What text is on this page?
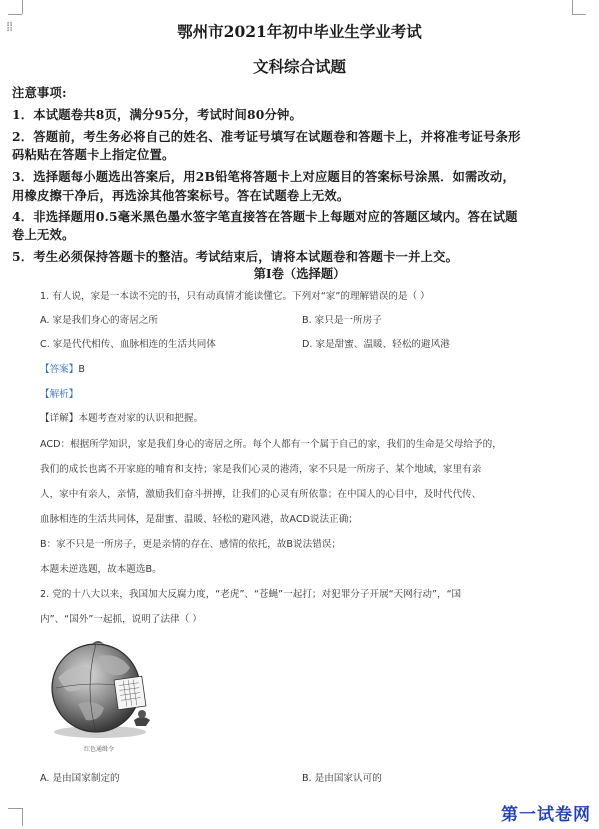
⁞⁞	鄂州市2021年初中毕业生学业考试
文科综合试题
注意事项:
1．本试题卷共8页，满分95分，考试时间80分钟。
2．答题前，考生务必将自己的姓名、准考证号填写在试题卷和答题卡上，并将准考证号条形
码粘贴在答题卡上指定位置。
3．选择题每小题选出答案后，用2B铅笔将答题卡上对应题目的答案标号涂黑．如需改动，
用橡皮擦干净后，再选涂其他答案标号。答在试题卷上无效。
4．非选择题用0.5毫米黑色墨水签字笔直接答在答题卡上每题对应的答题区域内。答在试题
卷上无效。
5．考生必须保持答题卡的整洁。考试结束后，请将本试题卷和答题卡一并上交。
第Ⅰ卷（选择题）
1. 有人说，家是一本读不完的书，只有动真情才能读懂它。下列对“家”的理解错误的是（ ）
A. 家是我们身心的寄居之所	B. 家只是一所房子
C. 家是代代相传、血脉相连的生活共同体	D. 家是甜蜜、温暖、轻松的避风港
【答案】B
【解析】
【详解】本题考查对家的认识和把握。
ACD：根据所学知识，家是我们身心的寄居之所。每个人都有一个属于自己的家，我们的生命是父母给予的，
我们的成长也离不开家庭的哺育和支持；家是我们心灵的港湾，家不只是一所房子、某个地域，家里有亲
人，家中有亲人，亲情，激励我们奋斗拼搏，让我们的心灵有所依靠；在中国人的心目中，及时代代传、
血脉相连的生活共同体，是甜蜜、温暖、轻松的避风港，故ACD说法正确；
B：家不只是一所房子，更是亲情的存在、感情的依托，故B说法错误；
本题未逆选题，故本题选B。
2. 党的十八大以来，我国加大反腐力度，“老虎”、“苍蝇”一起打；对犯罪分子开展“天网行动”，“国
内”、“国外”一起抓，说明了法律（ ）
红色通缉令
A. 是由国家制定的	B. 是由国家认可的
第一试卷网
